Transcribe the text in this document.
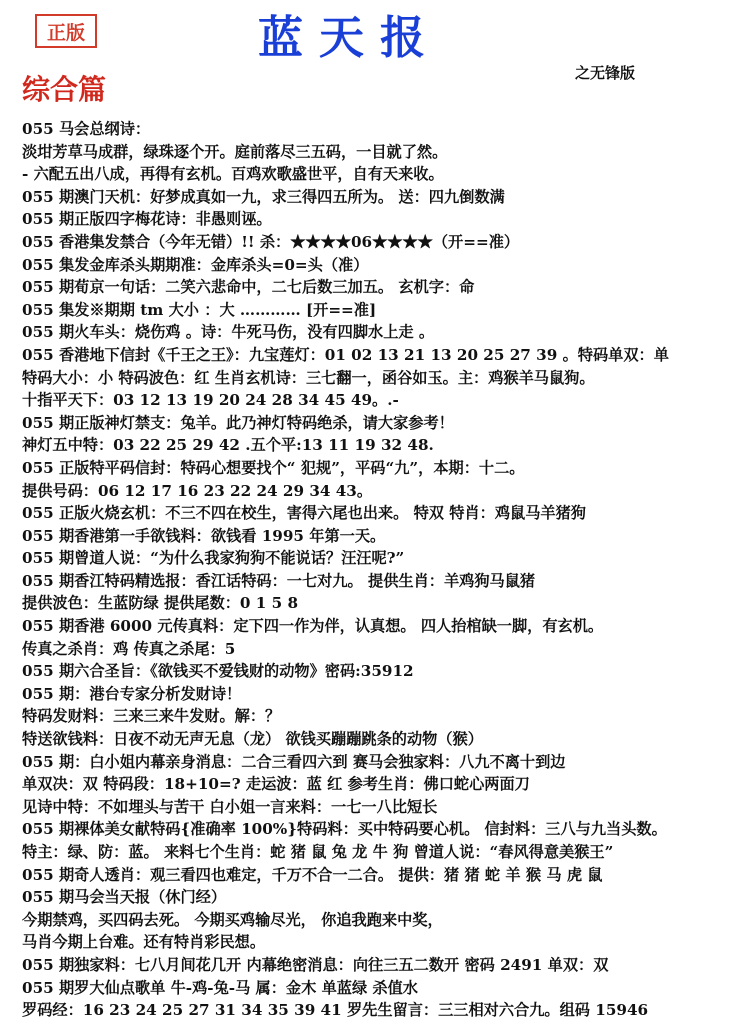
正版	蓝天报
之无锋版
综合篇
055 马会总纲诗：
淡坩芳草马成群，绿珠逐个开。庭前落尽三五码，一目就了然。
- 六配五出八成，再得有玄机。百鸡欢歌盛世平，自有天来收。
055 期澳门天机：好梦成真如一九，求三得四五所为。 送：四九倒数满
055 期正版四字梅花诗：非愚则诬。
055 香港集发禁合（今年无错）!! 杀：★★★★06★★★★（开==准）
055 集发金库杀头期期准：金库杀头=0=头（准）
055 期荀京一句话：二笑六悲命中，二七后数三加五。 玄机字：命
055 集发※期期 tm 大小 ：大 ………… [开==准]
055 期火车头：烧伤鸡 。诗：牛死马伤，没有四脚水上走 。
055 香港地下信封《千王之王》：九宝莲灯：01 02 13 21 13 20 25 27 39 。特码单双：单
特码大小：小 特码波色：红 生肖玄机诗：三七翻一，函谷如玉。主：鸡猴羊马鼠狗。
十指平天下：03 12 13 19 20 24 28 34 45 49。.-
055 期正版神灯禁支：兔羊。此乃神灯特码绝杀，请大家参考！
神灯五中特：03 22 25 29 42 .五个平:13 11 19 32 48.
055 正版特平码信封：特码心想要找个“ 犯规”，平码“九”，本期：十二。
提供号码：06 12 17 16 23 22 24 29 34 43。
055 正版火烧玄机：不三不四在校生，害得六尾也出来。 特双 特肖：鸡鼠马羊猪狗
055 期香港第一手欲钱料：欲钱看 1995 年第一天。
055 期曾道人说：“为什么我家狗狗不能说话？汪汪呢?”
055 期香江特码精选报：香江话特码：一七对九。 提供生肖：羊鸡狗马鼠猪
提供波色：生蓝防绿 提供尾数：0 1 5 8
055 期香港 6000 元传真料：定下四一作为伴，认真想。 四人抬棺缺一脚，有玄机。
传真之杀肖：鸡 传真之杀尾：5
055 期六合圣旨：《欲钱买不爱钱财的动物》密码:35912
055 期：港台专家分析发财诗！
特码发财料：三来三来牛发财。解：？
特送欲钱料：日夜不动无声无息（龙） 欲钱买蹦蹦跳条的动物（猴）
055 期：白小姐内幕亲身消息：二合三看四六到 赛马会独家料：八九不离十到边
单双决：双 特码段：18+10=? 走运波：蓝 红 参考生肖：佛口蛇心两面刀
见诗中特：不如埋头与苦干 白小姐一言来料：一七一八比短长
055 期裸体美女献特码{准确率 100%}特码料：买中特码要心机。 信封料：三八与九当头数。
特主：绿、防：蓝。 来料七个生肖：蛇 猪 鼠 兔 龙 牛 狗 曾道人说：“春风得意美猴王”
055 期奇人透肖：观三看四也难定，千万不合一二合。 提供：猪 猪 蛇 羊 猴 马 虎 鼠
055 期马会当天报（休门经）
今期禁鸡，买四码去死。 今期买鸡输尽光， 你追我跑来中奖，
马肖今期上台难。还有特肖彩民想。
055 期独家料：七八月间花几开 内幕绝密消息：向往三五二数开 密码 2491 单双：双
055 期罗大仙点歌单 牛-鸡-兔-马 属：金木 单蓝绿 杀值水
罗码经：16 23 24 25 27 31 34 35 39 41 罗先生留言：三三相对六合九。组码 15946
